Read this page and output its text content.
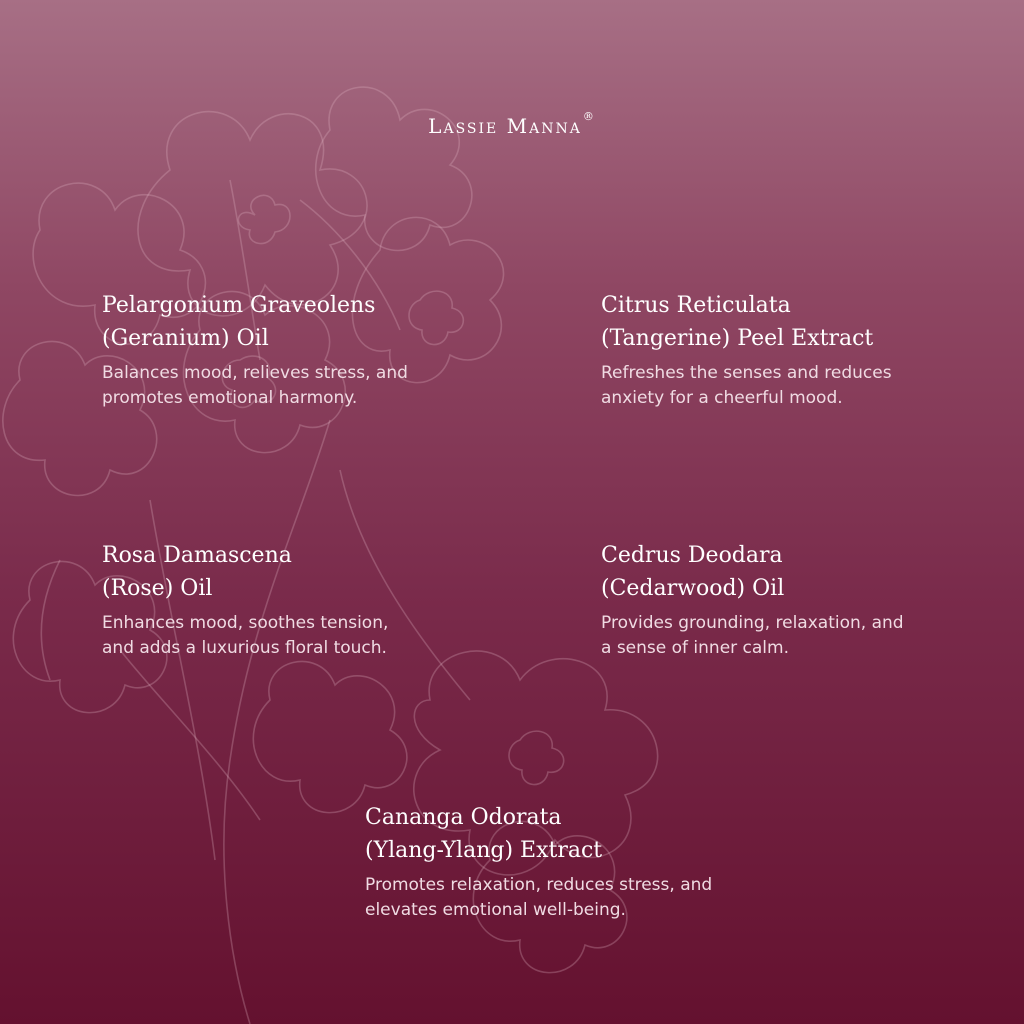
Lassie Manna®
Pelargonium Graveolens
(Geranium) Oil

Balances mood, relieves stress, and
promotes emotional harmony.

Citrus Reticulata
(Tangerine) Peel Extract

Refreshes the senses and reduces
anxiety for a cheerful mood.

Rosa Damascena
(Rose) Oil

Enhances mood, soothes tension,
and adds a luxurious floral touch.

Cedrus Deodara
(Cedarwood) Oil

Provides grounding, relaxation, and
a sense of inner calm.

Cananga Odorata
(Ylang-Ylang) Extract

Promotes relaxation, reduces stress, and
elevates emotional well-being.
